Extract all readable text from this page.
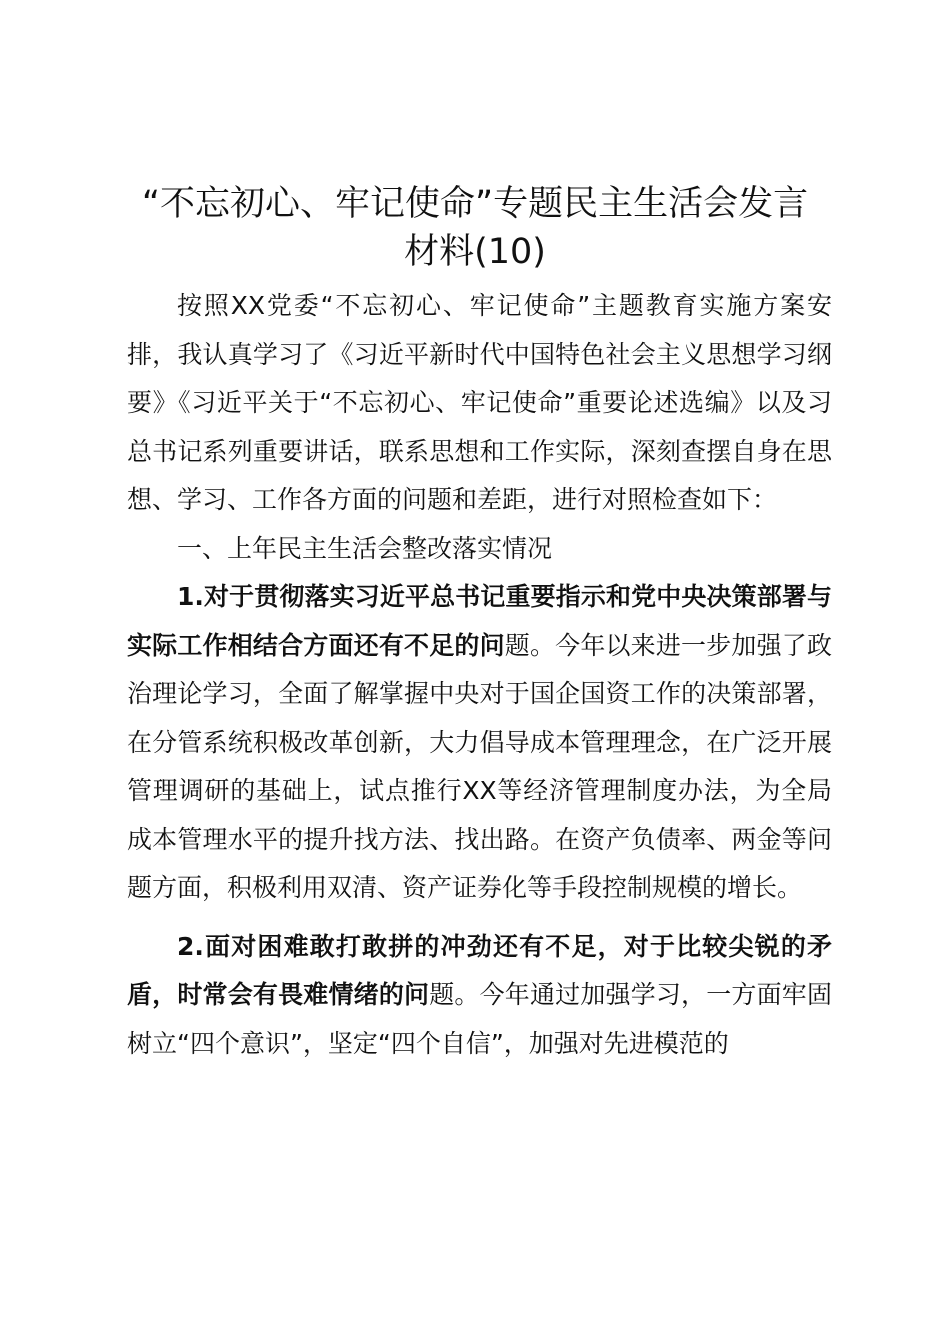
“不忘初心、牢记使命”专题民主生活会发言
材料(10)

按照XX党委“不忘初心、牢记使命”主题教育实施方案安排，我认真学习了《习近平新时代中国特色社会主义思想学习纲要》《习近平关于“不忘初心、牢记使命”重要论述选编》以及习总书记系列重要讲话，联系思想和工作实际，深刻查摆自身在思想、学习、工作各方面的问题和差距，进行对照检查如下：

一、上年民主生活会整改落实情况

1.对于贯彻落实习近平总书记重要指示和党中央决策部署与实际工作相结合方面还有不足的问题。今年以来进一步加强了政治理论学习，全面了解掌握中央对于国企国资工作的决策部署，在分管系统积极改革创新，大力倡导成本管理理念，在广泛开展管理调研的基础上，试点推行XX等经济管理制度办法，为全局成本管理水平的提升找方法、找出路。在资产负债率、两金等问题方面，积极利用双清、资产证券化等手段控制规模的增长。

2.面对困难敢打敢拼的冲劲还有不足，对于比较尖锐的矛盾，时常会有畏难情绪的问题。今年通过加强学习，一方面牢固树立“四个意识”，坚定“四个自信”，加强对先进模范的
